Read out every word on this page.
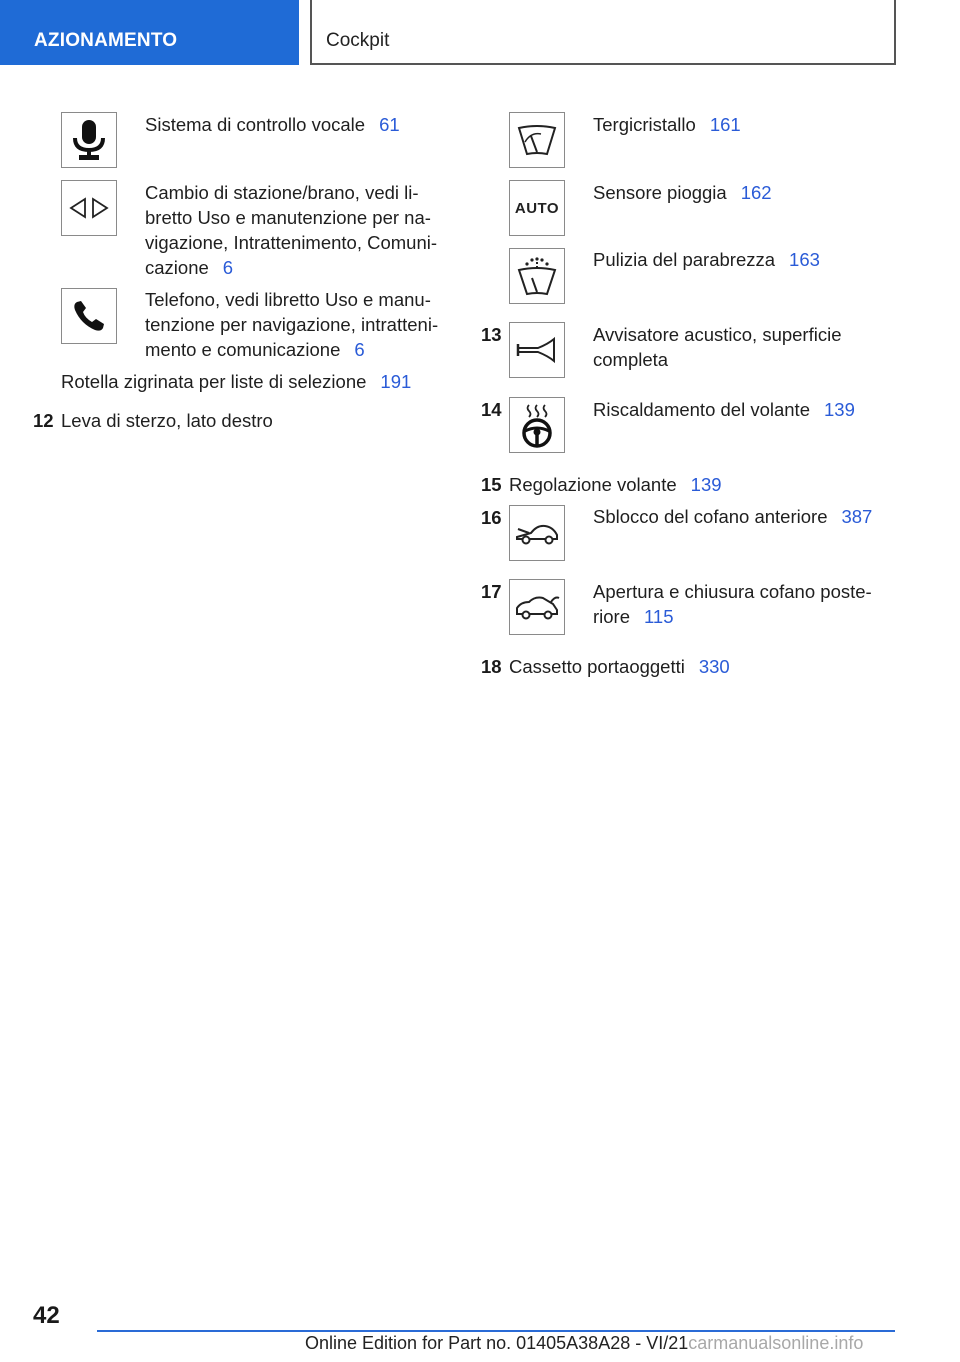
AZIONAMENTO	Cockpit
Sistema di controllo vocale 61
Cambio di stazione/brano, vedi li-
bretto Uso e manutenzione per na-
vigazione, Intrattenimento, Comuni-
cazione 6
Telefono, vedi libretto Uso e manu-
tenzione per navigazione, intratteni-
mento e comunicazione 6
Rotella zigrinata per liste di selezione 191
12 Leva di sterzo, lato destro
Tergicristallo 161
AUTO
Sensore pioggia 162
Pulizia del parabrezza 163
13	Avvisatore acustico, superficie
completa
14	Riscaldamento del volante 139
15 Regolazione volante 139
16	Sblocco del cofano anteriore 387
17	Apertura e chiusura cofano poste-
riore 115
18 Cassetto portaoggetti 330
42
Online Edition for Part no. 01405A38A28 - VI/21carmanualsonline.info
